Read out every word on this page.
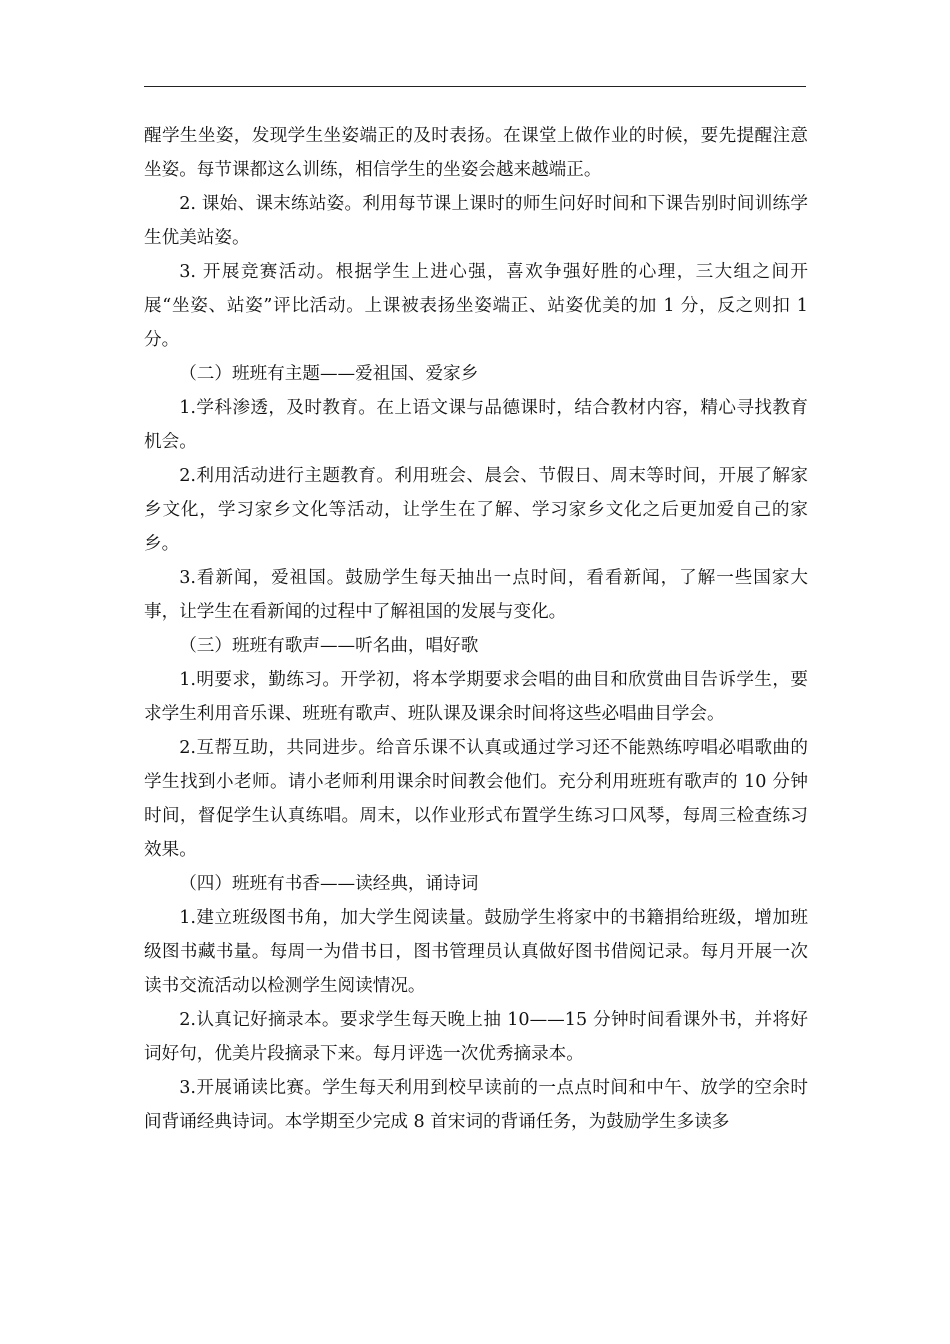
醒学生坐姿，发现学生坐姿端正的及时表扬。在课堂上做作业的时候，要先提醒注意坐姿。每节课都这么训练，相信学生的坐姿会越来越端正。

2. 课始、课末练站姿。利用每节课上课时的师生问好时间和下课告别时间训练学生优美站姿。

3. 开展竞赛活动。根据学生上进心强，喜欢争强好胜的心理，三大组之间开展“坐姿、站姿”评比活动。上课被表扬坐姿端正、站姿优美的加 1 分，反之则扣 1 分。

（二）班班有主题——爱祖国、爱家乡

1.学科渗透，及时教育。在上语文课与品德课时，结合教材内容，精心寻找教育机会。

2.利用活动进行主题教育。利用班会、晨会、节假日、周末等时间，开展了解家乡文化，学习家乡文化等活动，让学生在了解、学习家乡文化之后更加爱自己的家乡。

3.看新闻，爱祖国。鼓励学生每天抽出一点时间，看看新闻，了解一些国家大事，让学生在看新闻的过程中了解祖国的发展与变化。

（三）班班有歌声——听名曲，唱好歌

1.明要求，勤练习。开学初，将本学期要求会唱的曲目和欣赏曲目告诉学生，要求学生利用音乐课、班班有歌声、班队课及课余时间将这些必唱曲目学会。

2.互帮互助，共同进步。给音乐课不认真或通过学习还不能熟练哼唱必唱歌曲的学生找到小老师。请小老师利用课余时间教会他们。充分利用班班有歌声的 10 分钟时间，督促学生认真练唱。周末，以作业形式布置学生练习口风琴，每周三检查练习效果。

（四）班班有书香——读经典，诵诗词

1.建立班级图书角，加大学生阅读量。鼓励学生将家中的书籍捐给班级，增加班级图书藏书量。每周一为借书日，图书管理员认真做好图书借阅记录。每月开展一次读书交流活动以检测学生阅读情况。

2.认真记好摘录本。要求学生每天晚上抽 10——15 分钟时间看课外书，并将好词好句，优美片段摘录下来。每月评选一次优秀摘录本。

3.开展诵读比赛。学生每天利用到校早读前的一点点时间和中午、放学的空余时间背诵经典诗词。本学期至少完成 8 首宋词的背诵任务，为鼓励学生多读多
